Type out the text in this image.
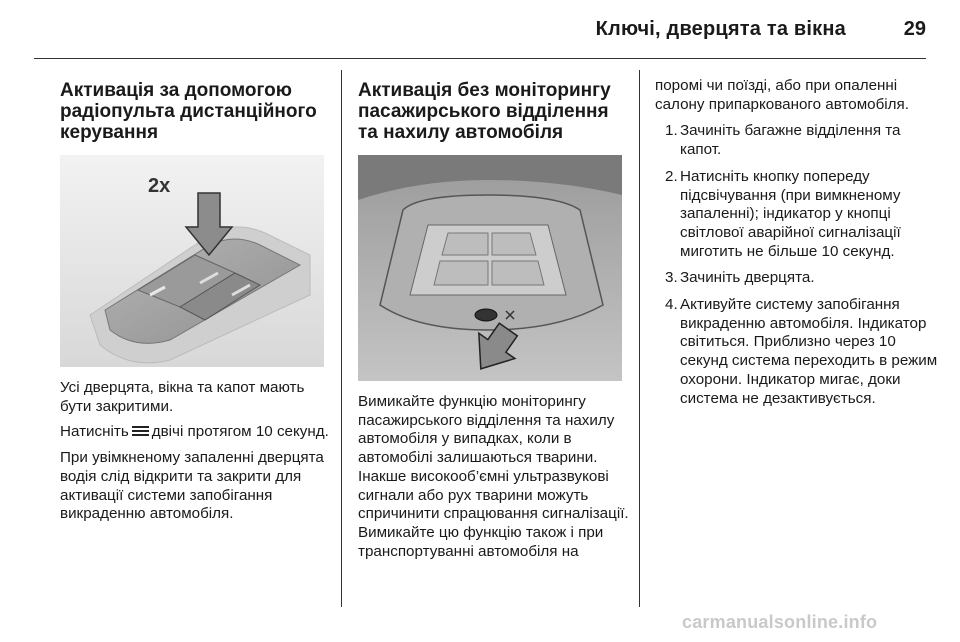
Ключі, дверцята та вікна	29
Активація за допомогою радіопульта дистанційного керування
2x

Усі дверцята, вікна та капот мають бути закритими.

Натисніть двічі протягом 10 секунд.

При увімкненому запаленні дверцята водія слід відкрити та закрити для активації системи запобігання викраденню автомобіля.

Активація без моніторингу пасажирського відділення та нахилу автомобіля

Вимикайте функцію моніторингу пасажирського відділення та нахилу автомобіля у випадках, коли в автомобілі залишаються тварини. Інакше високооб’ємні ультразвукові сигнали або рух тварини можуть спричинити спрацювання сигналізації. Вимикайте цю функцію також і при транспортуванні автомобіля на

поромі чи поїзді, або при опаленні салону припаркованого автомобіля.

1. Зачиніть багажне відділення та капот.
2. Натисніть кнопку попереду підсвічування (при вимкненому запаленні); індикатор у кнопці світлової аварійної сигналізації миготить не більше 10 секунд.
3. Зачиніть дверцята.
4. Активуйте систему запобігання викраденню автомобіля. Індикатор світиться. Приблизно через 10 секунд система переходить в режим охорони. Індикатор мигає, доки система не дезактивується.
carmanualsonline.info
